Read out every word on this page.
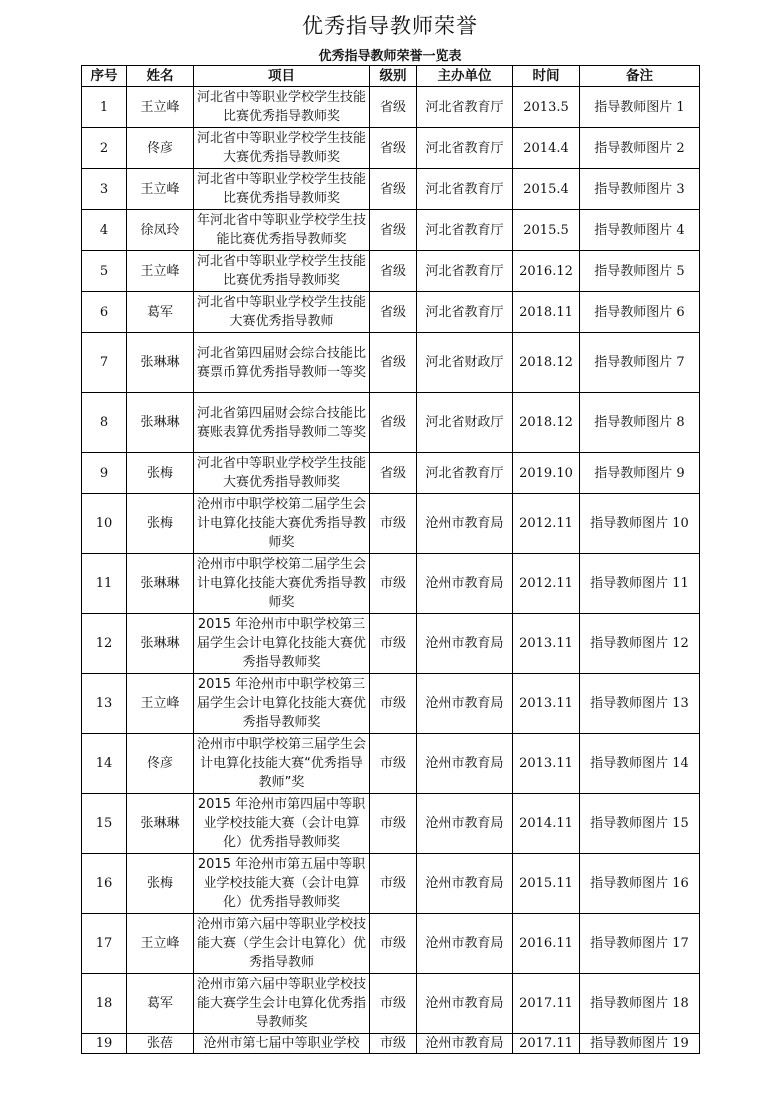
优秀指导教师荣誉
优秀指导教师荣誉一览表
序号	姓名	项目	级别	主办单位	时间	备注
1	王立峰	河北省中等职业学校学生技能比赛优秀指导教师奖	省级	河北省教育厅	2013.5	指导教师图片 1
2	佟彦	河北省中等职业学校学生技能大赛优秀指导教师奖	省级	河北省教育厅	2014.4	指导教师图片 2
3	王立峰	河北省中等职业学校学生技能比赛优秀指导教师奖	省级	河北省教育厅	2015.4	指导教师图片 3
4	徐凤玲	年河北省中等职业学校学生技能比赛优秀指导教师奖	省级	河北省教育厅	2015.5	指导教师图片 4
5	王立峰	河北省中等职业学校学生技能比赛优秀指导教师奖	省级	河北省教育厅	2016.12	指导教师图片 5
6	葛军	河北省中等职业学校学生技能大赛优秀指导教师	省级	河北省教育厅	2018.11	指导教师图片 6
7	张琳琳	河北省第四届财会综合技能比赛票币算优秀指导教师一等奖	省级	河北省财政厅	2018.12	指导教师图片 7
8	张琳琳	河北省第四届财会综合技能比赛账表算优秀指导教师二等奖	省级	河北省财政厅	2018.12	指导教师图片 8
9	张梅	河北省中等职业学校学生技能大赛优秀指导教师奖	省级	河北省教育厅	2019.10	指导教师图片 9
10	张梅	沧州市中职学校第二届学生会计电算化技能大赛优秀指导教师奖	市级	沧州市教育局	2012.11	指导教师图片 10
11	张琳琳	沧州市中职学校第二届学生会计电算化技能大赛优秀指导教师奖	市级	沧州市教育局	2012.11	指导教师图片 11
12	张琳琳	2015 年沧州市中职学校第三届学生会计电算化技能大赛优秀指导教师奖	市级	沧州市教育局	2013.11	指导教师图片 12
13	王立峰	2015 年沧州市中职学校第三届学生会计电算化技能大赛优秀指导教师奖	市级	沧州市教育局	2013.11	指导教师图片 13
14	佟彦	沧州市中职学校第三届学生会计电算化技能大赛“优秀指导教师”奖	市级	沧州市教育局	2013.11	指导教师图片 14
15	张琳琳	2015 年沧州市第四届中等职业学校技能大赛（会计电算化）优秀指导教师奖	市级	沧州市教育局	2014.11	指导教师图片 15
16	张梅	2015 年沧州市第五届中等职业学校技能大赛（会计电算化）优秀指导教师奖	市级	沧州市教育局	2015.11	指导教师图片 16
17	王立峰	沧州市第六届中等职业学校技能大赛（学生会计电算化）优秀指导教师	市级	沧州市教育局	2016.11	指导教师图片 17
18	葛军	沧州市第六届中等职业学校技能大赛学生会计电算化优秀指导教师奖	市级	沧州市教育局	2017.11	指导教师图片 18
19	张蓓	沧州市第七届中等职业学校	市级	沧州市教育局	2017.11	指导教师图片 19
